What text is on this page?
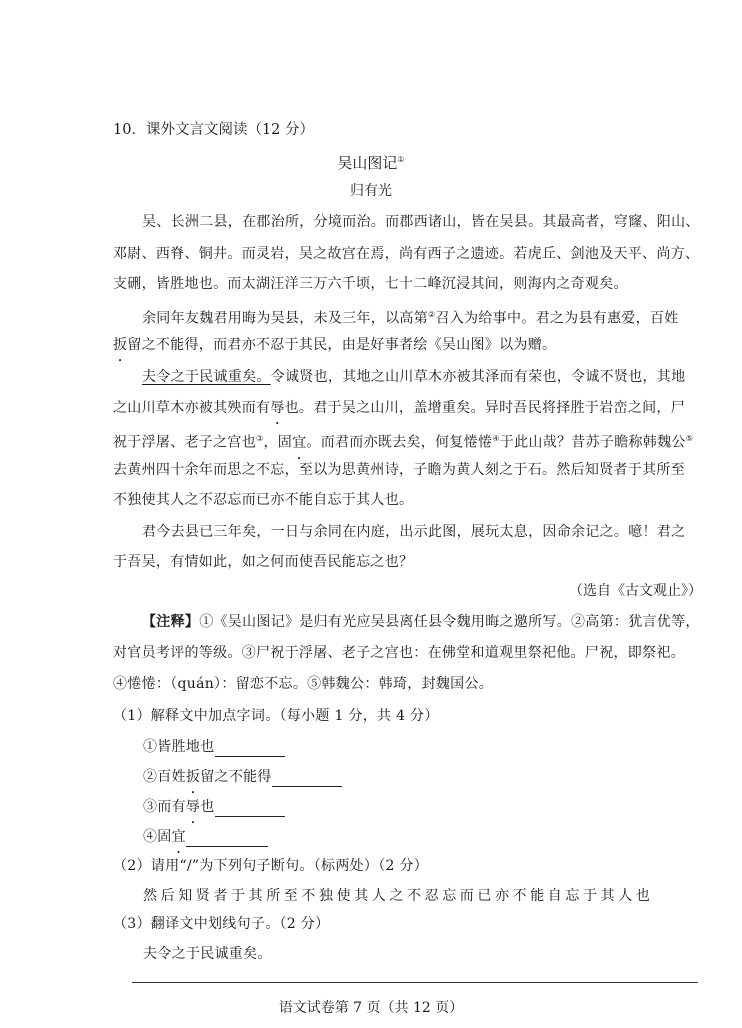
10．课外文言文阅读（12 分）
吴山图记①
归有光
吴、长洲二县，在郡治所，分境而治。而郡西诸山，皆在吴县。其最高者，穹窿、阳山、
邓尉、西脊、铜井。而灵岩，吴之故宫在焉，尚有西子之遗迹。若虎丘、剑池及天平、尚方、
支硎，皆胜地也。而太湖汪洋三万六千顷，七十二峰沉浸其间，则海内之奇观矣。
余同年友魏君用晦为吴县，未及三年，以高第②召入为给事中。君之为县有惠爱，百姓
扳留之不能得，而君亦不忍于其民，由是好事者绘《吴山图》以为赠。
夫令之于民诚重矣。令诚贤也，其地之山川草木亦被其泽而有荣也，令诚不贤也，其地
之山川草木亦被其殃而有辱也。君于吴之山川，盖增重矣。异时吾民将择胜于岩峦之间，尸
祝于浮屠、老子之宫也③，固宜。而君而亦既去矣，何复惓惓④于此山哉？昔苏子瞻称韩魏公⑤
去黄州四十余年而思之不忘，至以为思黄州诗，子瞻为黄人刻之于石。然后知贤者于其所至
不独使其人之不忍忘而已亦不能自忘于其人也。
君今去县已三年矣，一日与余同在内庭，出示此图，展玩太息，因命余记之。噫！君之
于吾吴，有情如此，如之何而使吾民能忘之也？
（选自《古文观止》）
【注释】①《吴山图记》是归有光应吴县离任县令魏用晦之邀所写。②高第：犹言优等，
对官员考评的等级。③尸祝于浮屠、老子之宫也：在佛堂和道观里祭祀他。尸祝，即祭祀。
④惓惓：（quán）：留恋不忘。⑤韩魏公：韩琦，封魏国公。
（1）解释文中加点字词。（每小题 1 分，共 4 分）
①皆胜地也
②百姓扳留之不能得
③而有辱也
④固宜
（2）请用“/”为下列句子断句。（标两处）（2 分）
然后知贤者于其所至不独使其人之不忍忘而已亦不能自忘于其人也
（3）翻译文中划线句子。（2 分）
夫令之于民诚重矣。
语文试卷第 7 页（共 12 页）
